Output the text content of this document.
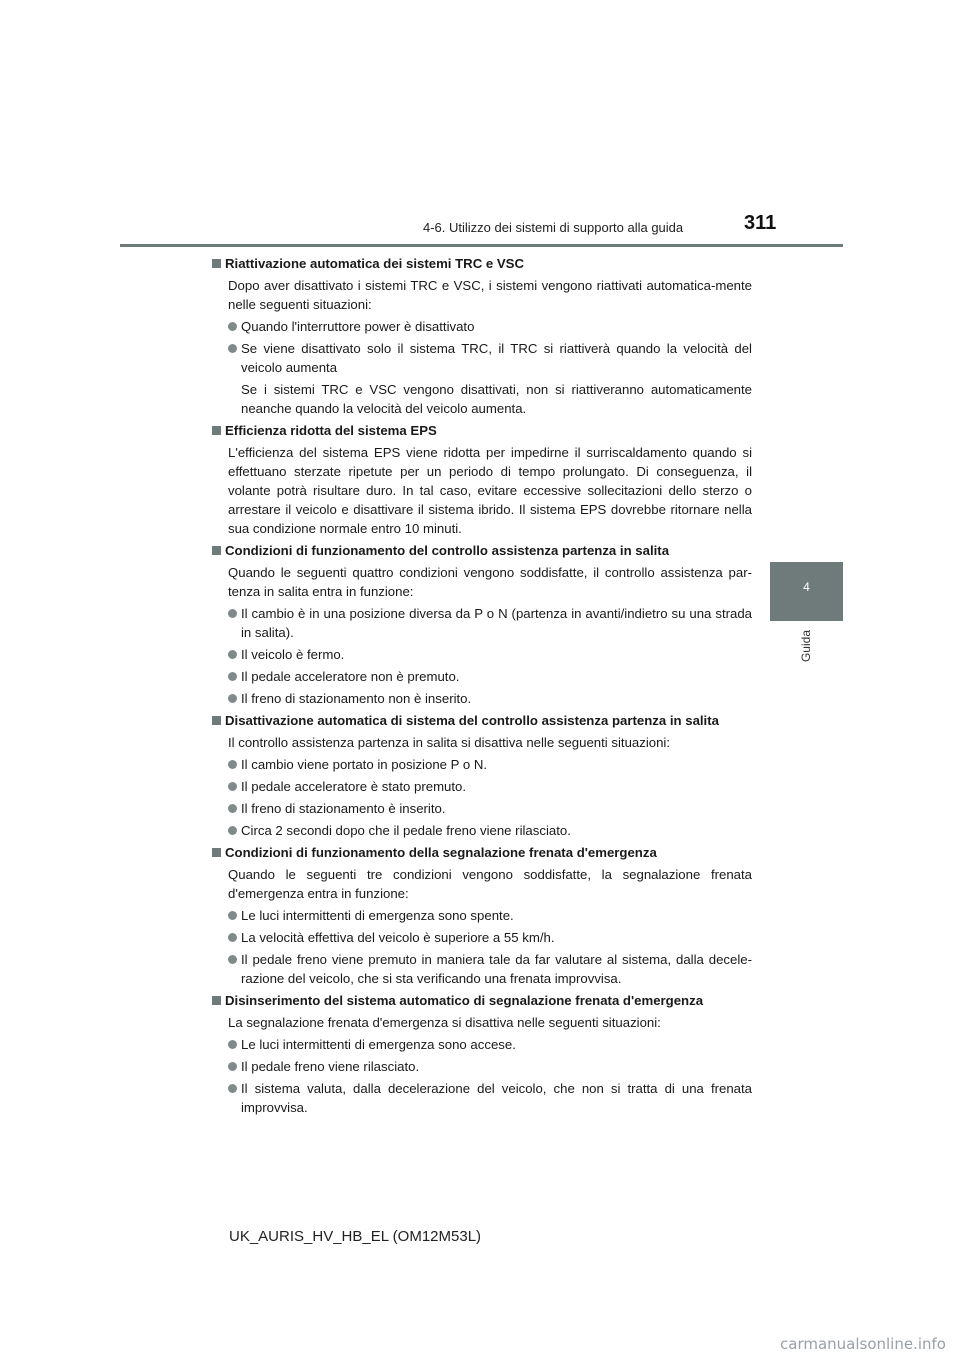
4-6. Utilizzo dei sistemi di supporto alla guida	311
4
Guida
Riattivazione automatica dei sistemi TRC e VSC
Dopo aver disattivato i sistemi TRC e VSC, i sistemi vengono riattivati automatica-mente nelle seguenti situazioni:
Quando l'interruttore power è disattivato
Se viene disattivato solo il sistema TRC, il TRC si riattiverà quando la velocità del veicolo aumenta
Se i sistemi TRC e VSC vengono disattivati, non si riattiveranno automaticamente neanche quando la velocità del veicolo aumenta.
Efficienza ridotta del sistema EPS
L'efficienza del sistema EPS viene ridotta per impedirne il surriscaldamento quando si effettuano sterzate ripetute per un periodo di tempo prolungato. Di conseguenza, il volante potrà risultare duro. In tal caso, evitare eccessive sollecitazioni dello sterzo o arrestare il veicolo e disattivare il sistema ibrido. Il sistema EPS dovrebbe ritornare nella sua condizione normale entro 10 minuti.
Condizioni di funzionamento del controllo assistenza partenza in salita
Quando le seguenti quattro condizioni vengono soddisfatte, il controllo assistenza par-tenza in salita entra in funzione:
Il cambio è in una posizione diversa da P o N (partenza in avanti/indietro su una strada in salita).
Il veicolo è fermo.
Il pedale acceleratore non è premuto.
Il freno di stazionamento non è inserito.
Disattivazione automatica di sistema del controllo assistenza partenza in salita
Il controllo assistenza partenza in salita si disattiva nelle seguenti situazioni:
Il cambio viene portato in posizione P o N.
Il pedale acceleratore è stato premuto.
Il freno di stazionamento è inserito.
Circa 2 secondi dopo che il pedale freno viene rilasciato.
Condizioni di funzionamento della segnalazione frenata d'emergenza
Quando le seguenti tre condizioni vengono soddisfatte, la segnalazione frenata d'emergenza entra in funzione:
Le luci intermittenti di emergenza sono spente.
La velocità effettiva del veicolo è superiore a 55 km/h.
Il pedale freno viene premuto in maniera tale da far valutare al sistema, dalla decele-razione del veicolo, che si sta verificando una frenata improvvisa.
Disinserimento del sistema automatico di segnalazione frenata d'emergenza
La segnalazione frenata d'emergenza si disattiva nelle seguenti situazioni:
Le luci intermittenti di emergenza sono accese.
Il pedale freno viene rilasciato.
Il sistema valuta, dalla decelerazione del veicolo, che non si tratta di una frenata improvvisa.
UK_AURIS_HV_HB_EL (OM12M53L)
carmanualsonline.info
